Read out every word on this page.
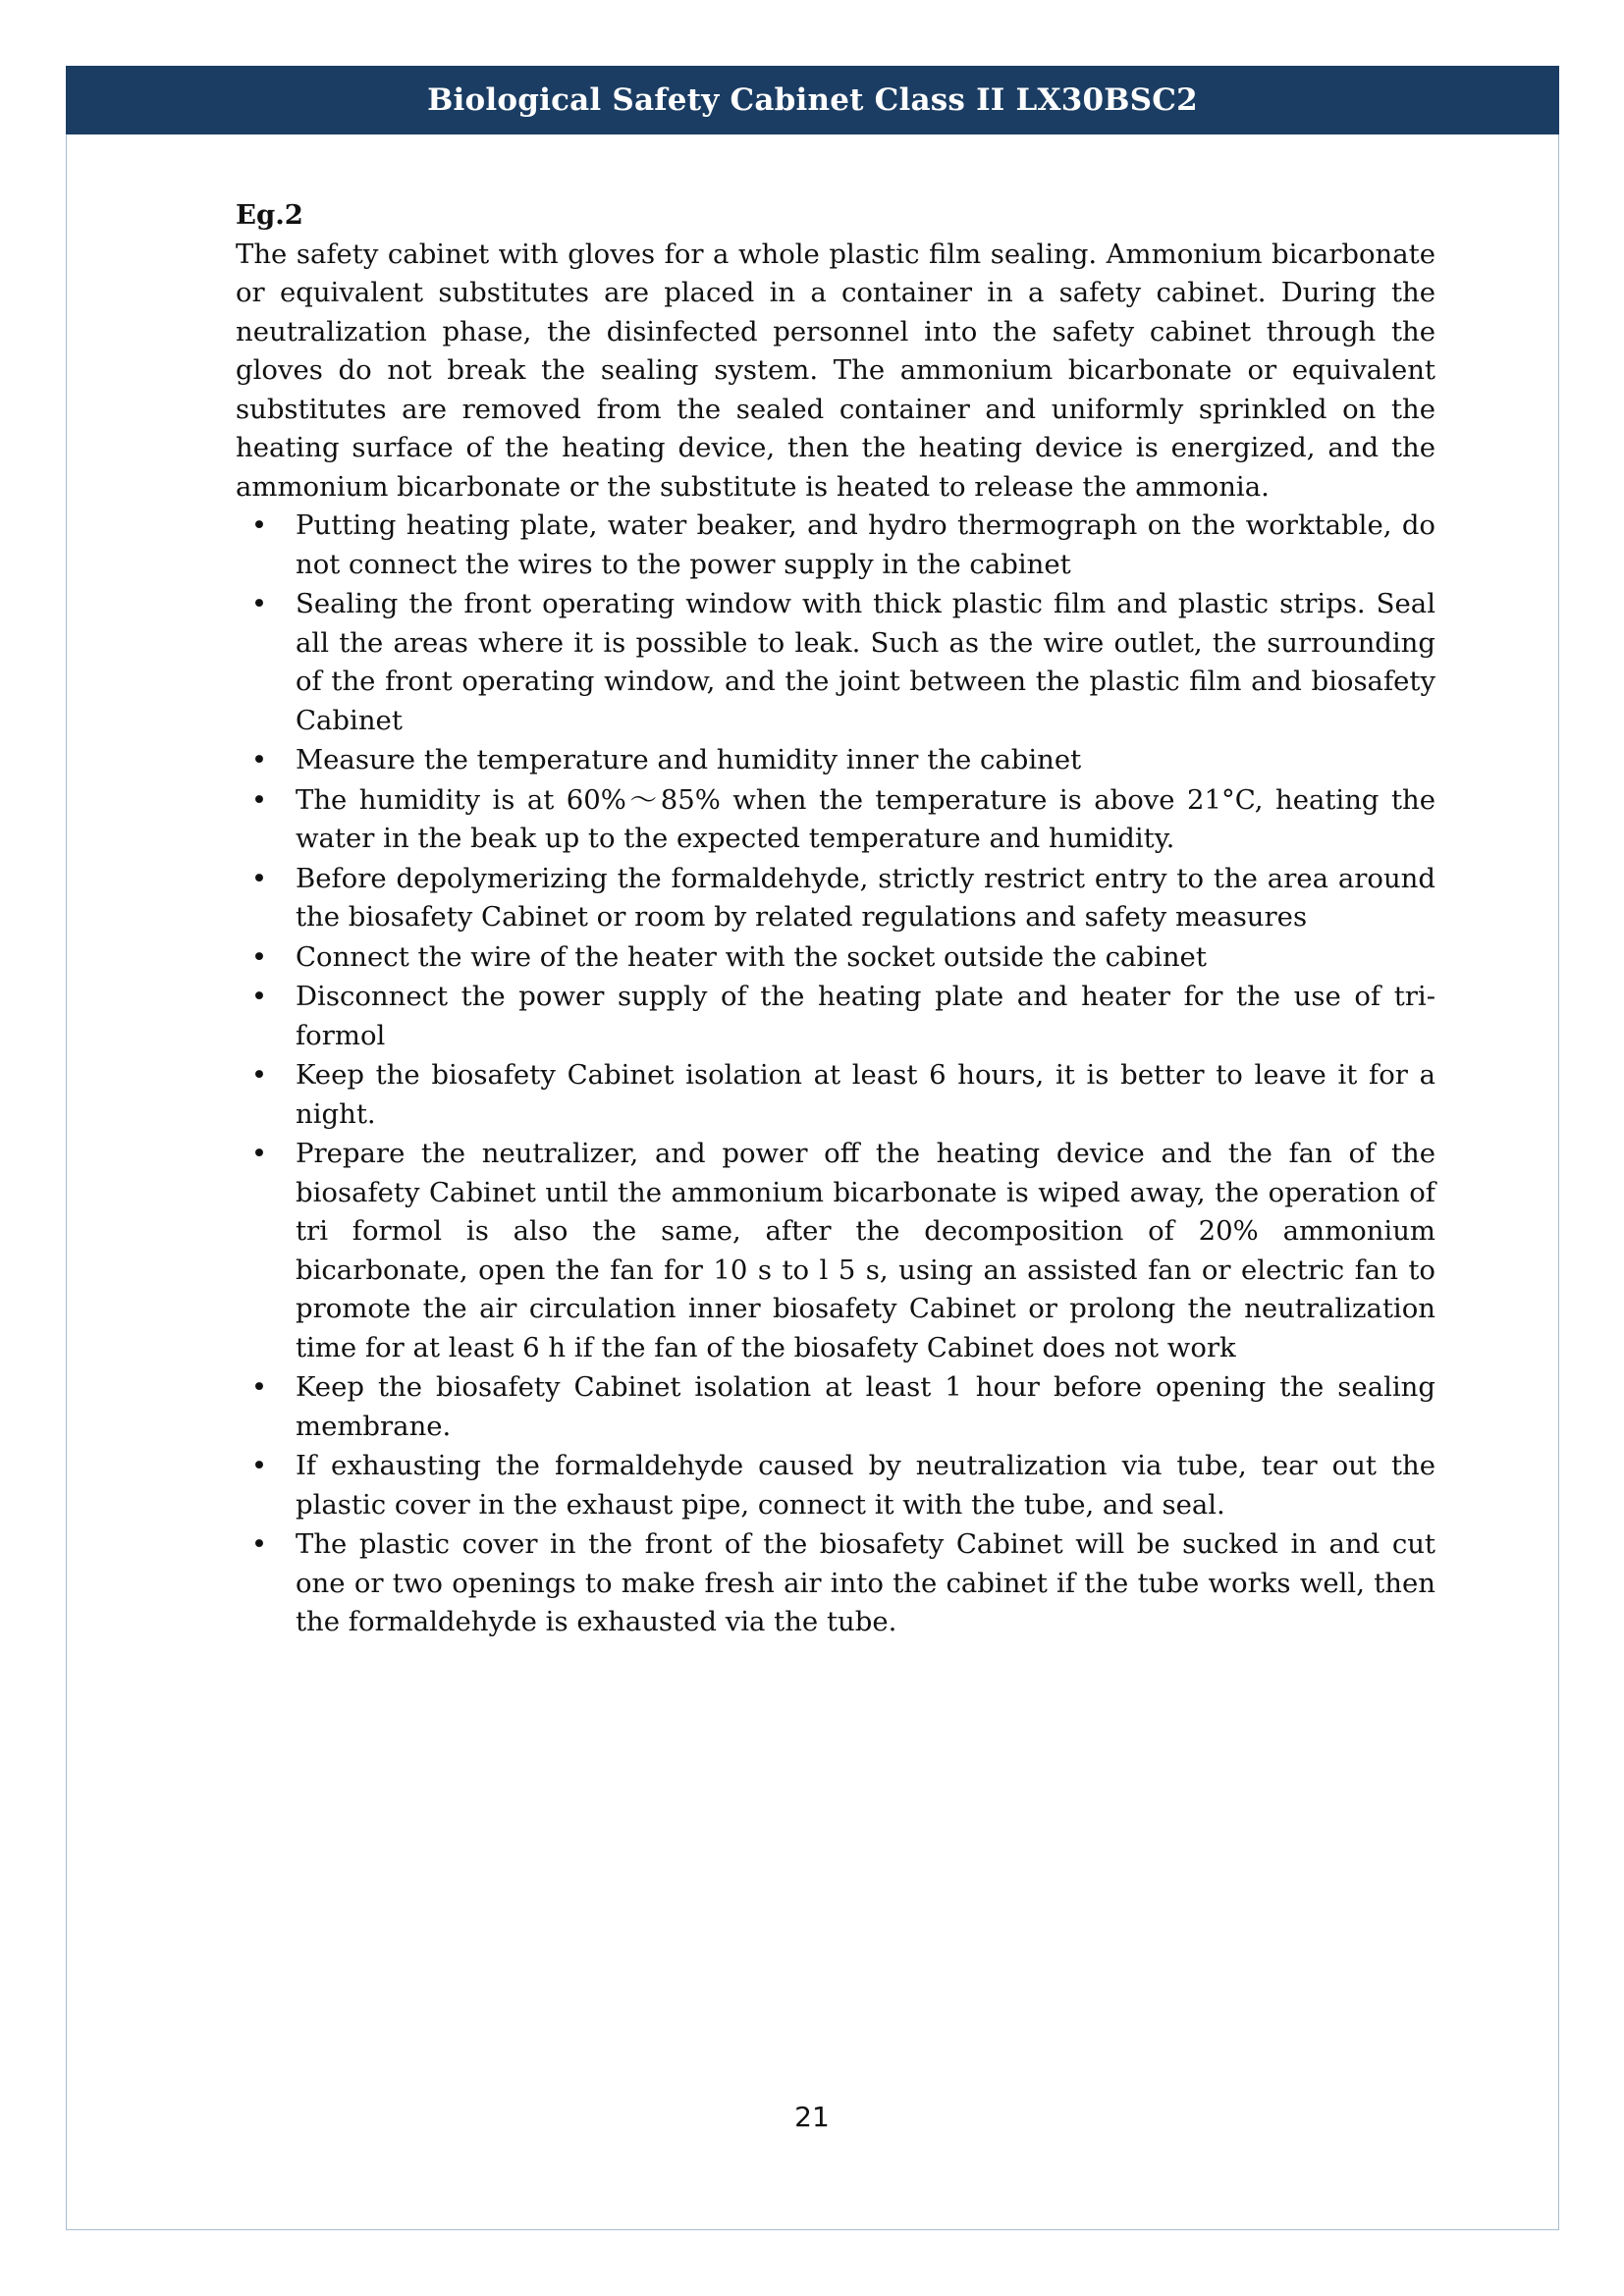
Biological Safety Cabinet Class II LX30BSC2

Eg.2

The safety cabinet with gloves for a whole plastic film sealing. Ammonium bicarbonate or equivalent substitutes are placed in a container in a safety cabinet. During the neutralization phase, the disinfected personnel into the safety cabinet through the gloves do not break the sealing system. The ammonium bicarbonate or equivalent substitutes are removed from the sealed container and uniformly sprinkled on the heating surface of the heating device, then the heating device is energized, and the ammonium bicarbonate or the substitute is heated to release the ammonia.

• Putting heating plate, water beaker, and hydro thermograph on the worktable, do not connect the wires to the power supply in the cabinet
• Sealing the front operating window with thick plastic film and plastic strips. Seal all the areas where it is possible to leak. Such as the wire outlet, the surrounding of the front operating window, and the joint between the plastic film and biosafety Cabinet
• Measure the temperature and humidity inner the cabinet
• The humidity is at 60%～85% when the temperature is above 21°C, heating the water in the beak up to the expected temperature and humidity.
• Before depolymerizing the formaldehyde, strictly restrict entry to the area around the biosafety Cabinet or room by related regulations and safety measures
• Connect the wire of the heater with the socket outside the cabinet
• Disconnect the power supply of the heating plate and heater for the use of tri-formol
• Keep the biosafety Cabinet isolation at least 6 hours, it is better to leave it for a night.
• Prepare the neutralizer, and power off the heating device and the fan of the biosafety Cabinet until the ammonium bicarbonate is wiped away, the operation of tri formol is also the same, after the decomposition of 20% ammonium bicarbonate, open the fan for 10 s to l 5 s, using an assisted fan or electric fan to promote the air circulation inner biosafety Cabinet or prolong the neutralization time for at least 6 h if the fan of the biosafety Cabinet does not work
• Keep the biosafety Cabinet isolation at least 1 hour before opening the sealing membrane.
• If exhausting the formaldehyde caused by neutralization via tube, tear out the plastic cover in the exhaust pipe, connect it with the tube, and seal.
• The plastic cover in the front of the biosafety Cabinet will be sucked in and cut one or two openings to make fresh air into the cabinet if the tube works well, then the formaldehyde is exhausted via the tube.
21
